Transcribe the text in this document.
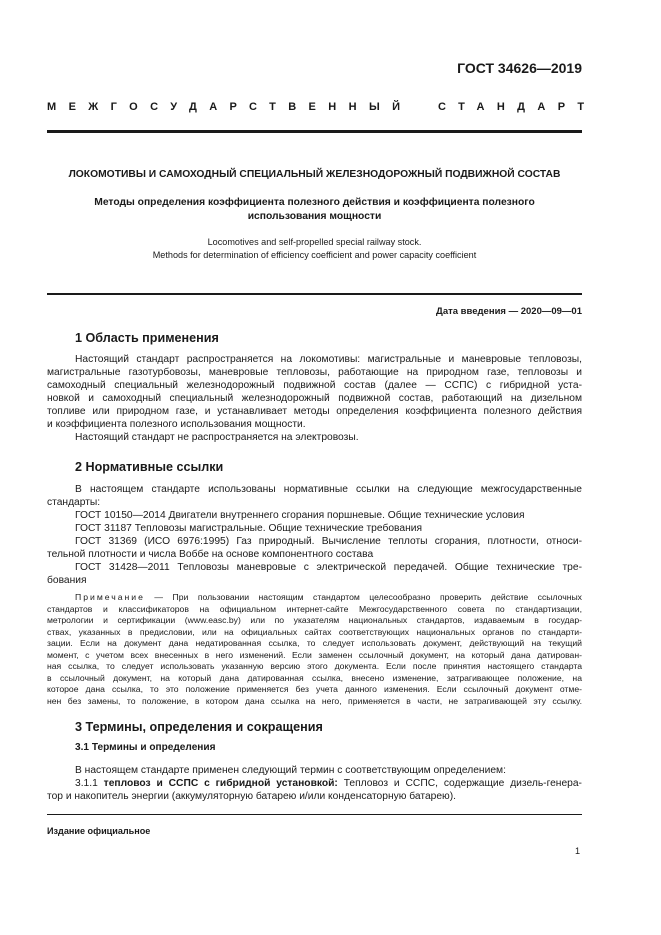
ГОСТ 34626—2019
МЕЖГОСУДАРСТВЕННЫЙ СТАНДАРТ
ЛОКОМОТИВЫ И САМОХОДНЫЙ СПЕЦИАЛЬНЫЙ ЖЕЛЕЗНОДОРОЖНЫЙ ПОДВИЖНОЙ СОСТАВ
Методы определения коэффициента полезного действия и коэффициента полезного
использования мощности
Locomotives and self-propelled special railway stock.
Methods for determination of efficiency coefficient and power capacity coefficient
Дата введения — 2020—09—01
1 Область применения
Настоящий стандарт распространяется на локомотивы: магистральные и маневровые тепловозы,
магистральные газотурбовозы, маневровые тепловозы, работающие на природном газе, тепловозы и
самоходный специальный железнодорожный подвижной состав (далее — ССПС) с гибридной уста-
новкой и самоходный специальный железнодорожный подвижной состав, работающий на дизельном
топливе или природном газе, и устанавливает методы определения коэффициента полезного действия
и коэффициента полезного использования мощности.
Настоящий стандарт не распространяется на электровозы.
2 Нормативные ссылки
В настоящем стандарте использованы нормативные ссылки на следующие межгосударственные
стандарты:
ГОСТ 10150—2014 Двигатели внутреннего сгорания поршневые. Общие технические условия
ГОСТ 31187 Тепловозы магистральные. Общие технические требования
ГОСТ 31369 (ИСО 6976:1995) Газ природный. Вычисление теплоты сгорания, плотности, относи-
тельной плотности и числа Воббе на основе компонентного состава
ГОСТ 31428—2011 Тепловозы маневровые с электрической передачей. Общие технические тре-
бования
Примечание — При пользовании настоящим стандартом целесообразно проверить действие ссылочных
стандартов и классификаторов на официальном интернет-сайте Межгосударственного совета по стандартизации,
метрологии и сертификации (www.easc.by) или по указателям национальных стандартов, издаваемым в государ-
ствах, указанных в предисловии, или на официальных сайтах соответствующих национальных органов по стандарти-
зации. Если на документ дана недатированная ссылка, то следует использовать документ, действующий на текущий
момент, с учетом всех внесенных в него изменений. Если заменен ссылочный документ, на который дана датирован-
ная ссылка, то следует использовать указанную версию этого документа. Если после принятия настоящего стандарта
в ссылочный документ, на который дана датированная ссылка, внесено изменение, затрагивающее положение, на
которое дана ссылка, то это положение применяется без учета данного изменения. Если ссылочный документ отме-
нен без замены, то положение, в котором дана ссылка на него, применяется в части, не затрагивающей эту ссылку.
3 Термины, определения и сокращения
3.1 Термины и определения
В настоящем стандарте применен следующий термин с соответствующим определением:
3.1.1 тепловоз и ССПС с гибридной установкой: Тепловоз и ССПС, содержащие дизель-генера-
тор и накопитель энергии (аккумуляторную батарею и/или конденсаторную батарею).
Издание официальное
1
